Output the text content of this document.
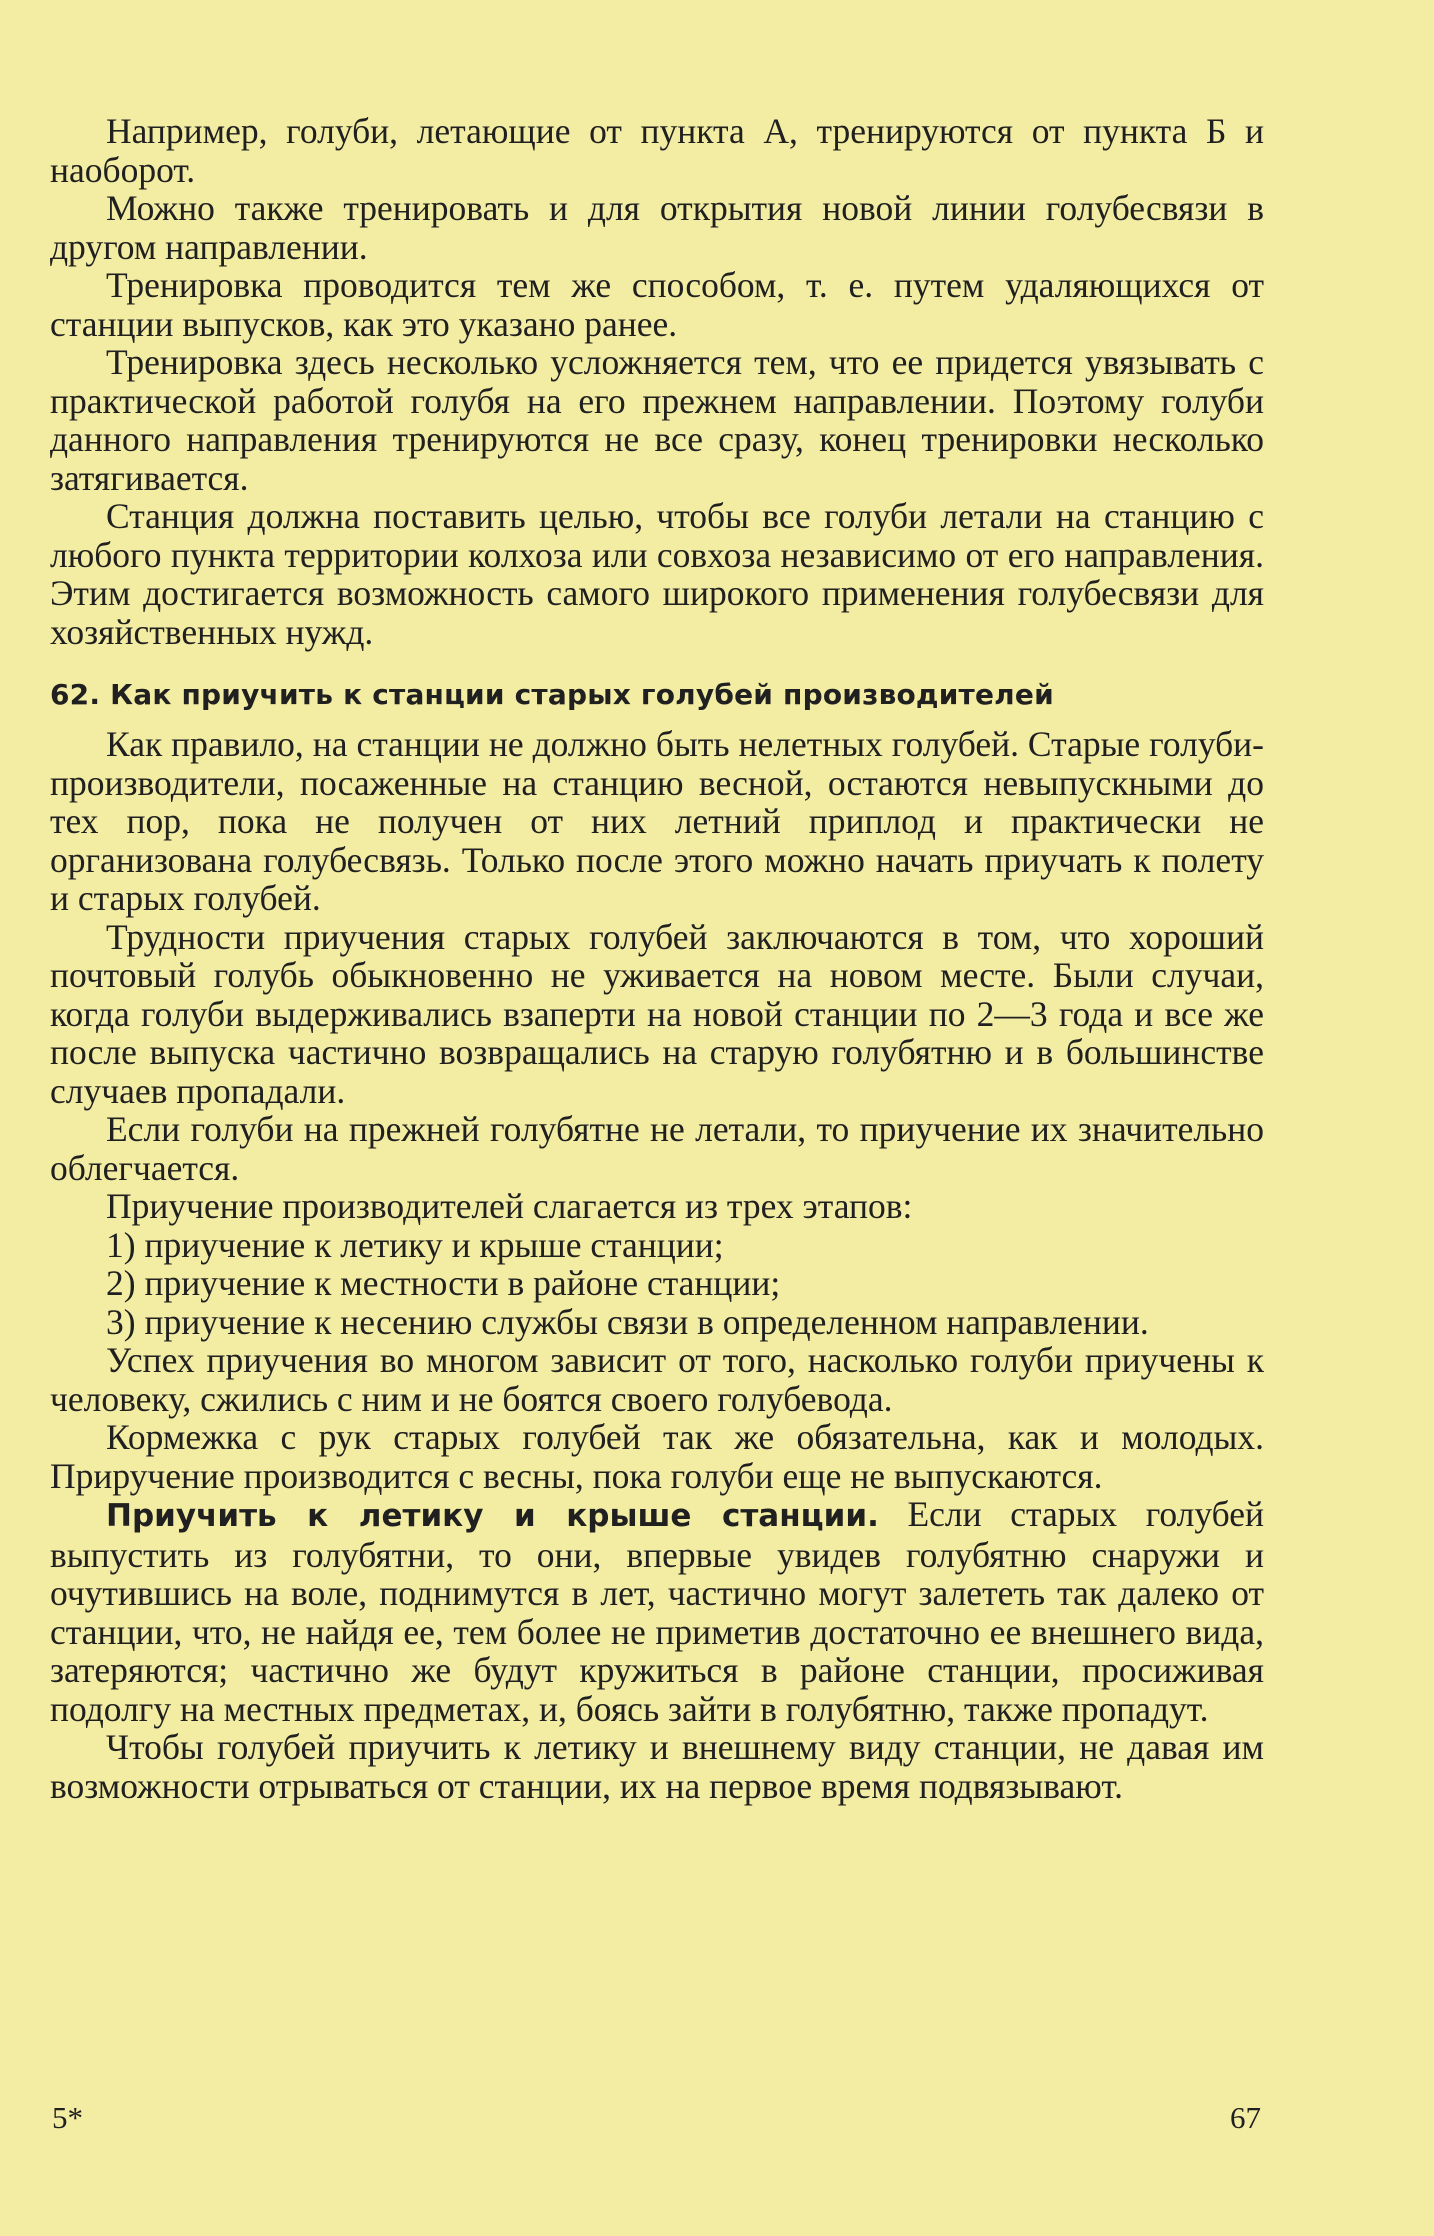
Например, голуби, летающие от пункта А, тренируются от пункта Б и наоборот.

Можно также тренировать и для открытия новой линии голубесвязи в другом направлении.

Тренировка проводится тем же способом, т. е. путем удаляющихся от станции выпусков, как это указано ранее.

Тренировка здесь несколько усложняется тем, что ее придется увязывать с практической работой голубя на его прежнем направлении. Поэтому голуби данного направления тренируются не все сразу, конец тренировки несколько затягивается.

Станция должна поставить целью, чтобы все голуби летали на станцию с любого пункта территории колхоза или совхоза независимо от его направления. Этим достигается возможность самого широкого применения голубесвязи для хозяйственных нужд.

62. Как приучить к станции старых голубей производителей

Как правило, на станции не должно быть нелетных голубей. Старые голуби-производители, посаженные на станцию весной, остаются невыпускными до тех пор, пока не получен от них летний приплод и практически не организована голубесвязь. Только после этого можно начать приучать к полету и старых голубей.

Трудности приучения старых голубей заключаются в том, что хороший почтовый голубь обыкновенно не уживается на новом месте. Были случаи, когда голуби выдерживались взаперти на новой станции по 2—3 года и все же после выпуска частично возвращались на старую голубятню и в большинстве случаев пропадали.

Если голуби на прежней голубятне не летали, то приучение их значительно облегчается.

Приучение производителей слагается из трех этапов:

1) приучение к летику и крыше станции;

2) приучение к местности в районе станции;

3) приучение к несению службы связи в определенном направлении.

Успех приучения во многом зависит от того, насколько голуби приучены к человеку, сжились с ним и не боятся своего голубевода.

Кормежка с рук старых голубей так же обязательна, как и молодых. Приручение производится с весны, пока голуби еще не выпускаются.

Приучить к летику и крыше станции. Если старых голубей выпустить из голубятни, то они, впервые увидев голубятню снаружи и очутившись на воле, поднимутся в лет, частично могут залететь так далеко от станции, что, не найдя ее, тем более не приметив достаточно ее внешнего вида, затеряются; частично же будут кружиться в районе станции, просиживая подолгу на местных предметах, и, боясь зайти в голубятню, также пропадут.

Чтобы голубей приучить к летику и внешнему виду станции, не давая им возможности отрываться от станции, их на первое время подвязывают.

5*	67
